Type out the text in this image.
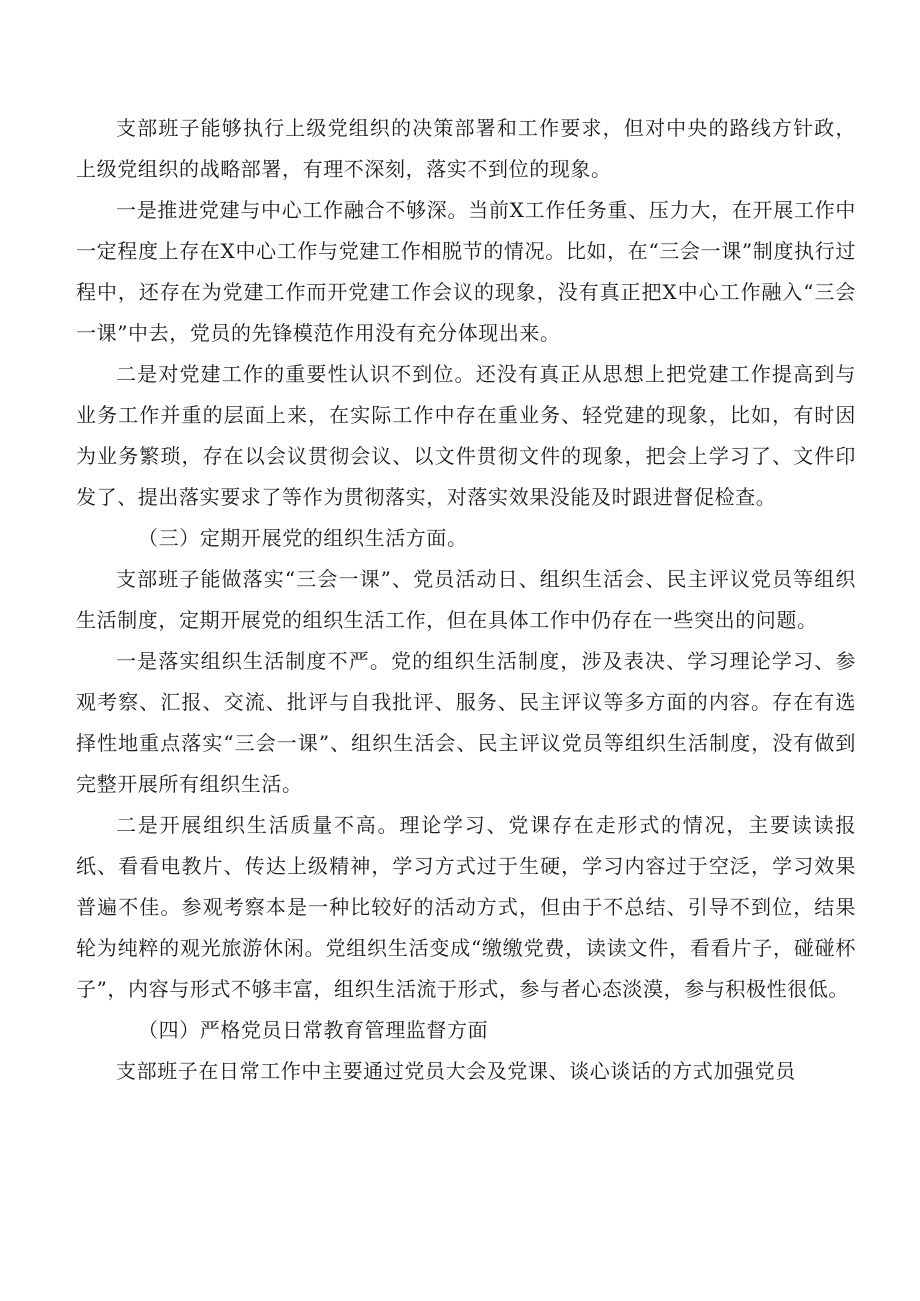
支部班子能够执行上级党组织的决策部署和工作要求，但对中央的路线方针政，上级党组织的战略部署，有理不深刻，落实不到位的现象。

一是推进党建与中心工作融合不够深。当前X工作任务重、压力大，在开展工作中一定程度上存在X中心工作与党建工作相脱节的情况。比如，在“三会一课”制度执行过程中，还存在为党建工作而开党建工作会议的现象，没有真正把X中心工作融入“三会一课”中去，党员的先锋模范作用没有充分体现出来。

二是对党建工作的重要性认识不到位。还没有真正从思想上把党建工作提高到与业务工作并重的层面上来，在实际工作中存在重业务、轻党建的现象，比如，有时因为业务繁琐，存在以会议贯彻会议、以文件贯彻文件的现象，把会上学习了、文件印发了、提出落实要求了等作为贯彻落实，对落实效果没能及时跟进督促检查。

（三）定期开展党的组织生活方面。

支部班子能做落实“三会一课”、党员活动日、组织生活会、民主评议党员等组织生活制度，定期开展党的组织生活工作，但在具体工作中仍存在一些突出的问题。

一是落实组织生活制度不严。党的组织生活制度，涉及表决、学习理论学习、参观考察、汇报、交流、批评与自我批评、服务、民主评议等多方面的内容。存在有选择性地重点落实“三会一课”、组织生活会、民主评议党员等组织生活制度，没有做到完整开展所有组织生活。

二是开展组织生活质量不高。理论学习、党课存在走形式的情况，主要读读报纸、看看电教片、传达上级精神，学习方式过于生硬，学习内容过于空泛，学习效果普遍不佳。参观考察本是一种比较好的活动方式，但由于不总结、引导不到位，结果轮为纯粹的观光旅游休闲。党组织生活变成“缴缴党费，读读文件，看看片子，碰碰杯子”，内容与形式不够丰富，组织生活流于形式，参与者心态淡漠，参与积极性很低。

（四）严格党员日常教育管理监督方面

支部班子在日常工作中主要通过党员大会及党课、谈心谈话的方式加强党员
